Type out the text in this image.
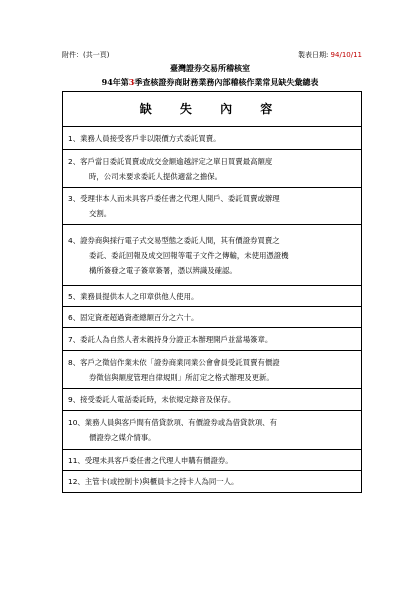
附件：(共一頁)	製表日期: 94/10/11
臺灣證券交易所稽核室
94年第3季查核證券商財務業務內部稽核作業常見缺失彙總表
缺 失 內 容

1、業務人員接受客戶非以限價方式委託買賣。

2、客戶當日委託買賣或成交金額逾越評定之單日買賣最高額度
時，公司未要求委託人提供適當之擔保。

3、受理非本人而未具客戶委任書之代理人開戶、委託買賣或辦理
交割。

4、證券商與採行電子式交易型態之委託人間，其有價證券買賣之
委託、委託回報及成交回報等電子文件之傳輸，未使用憑證機
構所簽發之電子簽章簽署，憑以辨識及確認。

5、業務員提供本人之印章供他人使用。

6、固定資產超過資產總額百分之六十。

7、委託人為自然人者未親持身分證正本辦理開戶並當場簽章。

8、客戶之徵信作業未依「證券商業同業公會會員受託買賣有價證
券徵信與額度管理自律規則」所訂定之格式辦理及更新。

9、接受委託人電話委託時，未依規定錄音及保存。

10、業務人員與客戶間有借貸款項、有價證券或為借貸款項、有
價證券之媒介情事。

11、受理未具客戶委任書之代理人申購有價證券。

12、主管卡(或控制卡)與櫃員卡之持卡人為同一人。
